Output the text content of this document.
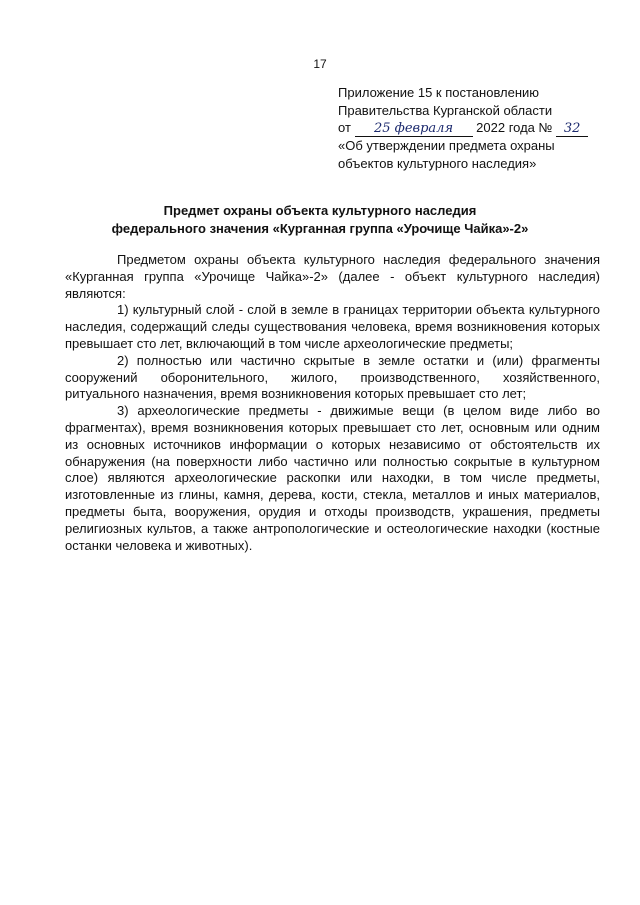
17
Приложение 15 к постановлению
Правительства Курганской области
от 25 февраля 2022 года № 32
«Об утверждении предмета охраны
объектов культурного наследия»
Предмет охраны объекта культурного наследия
федерального значения «Курганная группа «Урочище Чайка»-2»

Предметом охраны объекта культурного наследия федерального значения «Курганная группа «Урочище Чайка»-2» (далее - объект культурного наследия) являются:

1) культурный слой - слой в земле в границах территории объекта культурного наследия, содержащий следы существования человека, время возникновения которых превышает сто лет, включающий в том числе археологические предметы;

2) полностью или частично скрытые в земле остатки и (или) фрагменты сооружений оборонительного, жилого, производственного, хозяйственного, ритуального назначения, время возникновения которых превышает сто лет;

3) археологические предметы - движимые вещи (в целом виде либо во фрагментах), время возникновения которых превышает сто лет, основным или одним из основных источников информации о которых независимо от обстоятельств их обнаружения (на поверхности либо частично или полностью сокрытые в культурном слое) являются археологические раскопки или находки, в том числе предметы, изготовленные из глины, камня, дерева, кости, стекла, металлов и иных материалов, предметы быта, вооружения, орудия и отходы производств, украшения, предметы религиозных культов, а также антропологические и остеологические находки (костные останки человека и животных).
